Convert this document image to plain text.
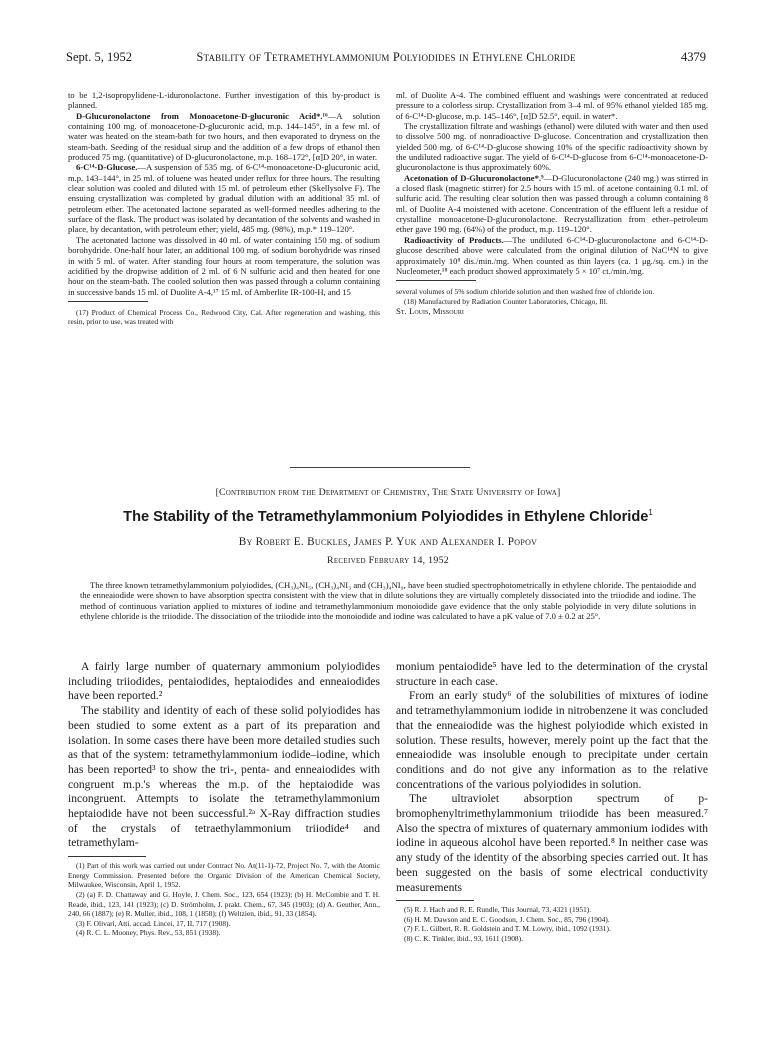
Sept. 5, 1952	Stability of Tetramethylammonium Polyiodides in Ethylene Chloride	4379

to be 1,2-isopropylidene-L-iduronolactone. Further investigation of this by-product is planned.

D-Glucuronolactone from Monoacetone-D-glucuronic Acid*.¹⁶—A solution containing 100 mg. of monoacetone-D-glucuronic acid, m.p. 144–145°, in a few ml. of water was heated on the steam-bath for two hours, and then evaporated to dryness on the steam-bath. Seeding of the residual sirup and the addition of a few drops of ethanol then produced 75 mg. (quantitative) of D-glucuronolactone, m.p. 168–172°, [α]D 20°, in water.

6-C¹⁴-D-Glucose.—A suspension of 535 mg. of 6-C¹⁴-monoacetone-D-glucuronic acid, m.p. 143–144°, in 25 ml. of toluene was heated under reflux for three hours. The resulting clear solution was cooled and diluted with 15 ml. of petroleum ether (Skellysolve F). The ensuing crystallization was completed by gradual dilution with an additional 35 ml. of petroleum ether. The acetonated lactone separated as well-formed needles adhering to the surface of the flask. The product was isolated by decantation of the solvents and washed in place, by decantation, with petroleum ether; yield, 485 mg. (98%), m.p.* 119–120°.

The acetonated lactone was dissolved in 40 ml. of water containing 150 mg. of sodium borohydride. One-half hour later, an additional 100 mg. of sodium borohydride was rinsed in with 5 ml. of water. After standing four hours at room temperature, the solution was acidified by the dropwise addition of 2 ml. of 6 N sulfuric acid and then heated for one hour on the steam-bath. The cooled solution then was passed through a column containing in successive bands 15 ml. of Duolite A-4,¹⁷ 15 ml. of Amberlite IR-100-H, and 15

(17) Product of Chemical Process Co., Redwood City, Cal. After regeneration and washing, this resin, prior to use, was treated with

ml. of Duolite A-4. The combined effluent and washings were concentrated at reduced pressure to a colorless sirup. Crystallization from 3–4 ml. of 95% ethanol yielded 185 mg. of 6-C¹⁴-D-glucose, m.p. 145–146°, [α]D 52.5°, equil. in water*.

The crystallization filtrate and washings (ethanol) were diluted with water and then used to dissolve 500 mg. of nonradioactive D-glucose. Concentration and crystallization then yielded 500 mg. of 6-C¹⁴-D-glucose showing 10% of the specific radioactivity shown by the undiluted radioactive sugar. The yield of 6-C¹⁴-D-glucose from 6-C¹⁴-monoacetone-D-glucuronolactone is thus approximately 60%.

Acetonation of D-Glucuronolactone*.⁹—D-Glucuronolactone (240 mg.) was stirred in a closed flask (magnetic stirrer) for 2.5 hours with 15 ml. of acetone containing 0.1 ml. of sulfuric acid. The resulting clear solution then was passed through a column containing 8 ml. of Duolite A-4 moistened with acetone. Concentration of the effluent left a residue of crystalline monoacetone-D-glucuronolactone. Recrystallization from ether–petroleum ether gave 190 mg. (64%) of the product, m.p. 119–120°.

Radioactivity of Products.—The undiluted 6-C¹⁴-D-glucuronolactone and 6-C¹⁴-D-glucose described above were calculated from the original dilution of NaC¹⁴N to give approximately 10⁸ dis./min./mg. When counted as thin layers (ca. 1 μg./sq. cm.) in the Nucleometer,¹⁸ each product showed approximately 5 × 10⁷ ct./min./mg.

several volumes of 5% sodium chloride solution and then washed free of chloride ion.

(18) Manufactured by Radiation Counter Laboratories, Chicago, Ill.

St. Louis, Missouri

[Contribution from the Department of Chemistry, The State University of Iowa]
The Stability of the Tetramethylammonium Polyiodides in Ethylene Chloride$^1$
By Robert E. Buckles, James P. Yuk and Alexander I. Popov
Received February 14, 1952

The three known tetramethylammonium polyiodides, (CH₃)₄NI₅, (CH₃)₄NI₃ and (CH₃)₄NI₉, have been studied spectrophotometrically in ethylene chloride. The pentaiodide and the enneaiodide were shown to have absorption spectra consistent with the view that in dilute solutions they are virtually completely dissociated into the triiodide and iodine. The method of continuous variation applied to mixtures of iodine and tetramethylammonium monoiodide gave evidence that the only stable polyiodide in very dilute solutions in ethylene chloride is the triiodide. The dissociation of the triiodide into the monoiodide and iodine was calculated to have a pK value of 7.0 ± 0.2 at 25°.

A fairly large number of quaternary ammonium polyiodides including triiodides, pentaiodides, heptaiodides and enneaiodides have been reported.²

The stability and identity of each of these solid polyiodides has been studied to some extent as a part of its preparation and isolation. In some cases there have been more detailed studies such as that of the system: tetramethylammonium iodide–iodine, which has been reported³ to show the tri-, penta- and enneaiodides with congruent m.p.'s whereas the m.p. of the heptaiodide was incongruent. Attempts to isolate the tetramethylammonium heptaiodide have not been successful.²ᵃ X-Ray diffraction studies of the crystals of tetraethylammonium triiodide⁴ and tetramethylam-

(1) Part of this work was carried out under Contract No. At(11-1)-72, Project No. 7, with the Atomic Energy Commission. Presented before the Organic Division of the American Chemical Society, Milwaukee, Wisconsin, April 1, 1952.

(2) (a) F. D. Chattaway and G. Hoyle, J. Chem. Soc., 123, 654 (1923); (b) H. McCombie and T. H. Reade, ibid., 123, 141 (1923); (c) D. Strömholm, J. prakt. Chem., 67, 345 (1903); (d) A. Geuther, Ann., 240, 66 (1887); (e) R. Muller, ibid., 108, 1 (1858); (f) Weltzien, ibid., 91, 33 (1854).

(3) F. Olivari, Atti. accad. Lincei, 17, II, 717 (1908).

(4) R. C. L. Mooney, Phys. Rev., 53, 851 (1938).

monium pentaiodide⁵ have led to the determination of the crystal structure in each case.

From an early study⁶ of the solubilities of mixtures of iodine and tetramethylammonium iodide in nitrobenzene it was concluded that the enneaiodide was the highest polyiodide which existed in solution. These results, however, merely point up the fact that the enneaiodide was insoluble enough to precipitate under certain conditions and do not give any information as to the relative concentrations of the various polyiodides in solution.

The ultraviolet absorption spectrum of p-bromophenyltrimethylammonium triiodide has been measured.⁷ Also the spectra of mixtures of quaternary ammonium iodides with iodine in aqueous alcohol have been reported.⁸ In neither case was any study of the identity of the absorbing species carried out. It has been suggested on the basis of some electrical conductivity measurements

(5) R. J. Hach and R. E. Rundle, This Journal, 73, 4321 (1951).

(6) H. M. Dawson and E. C. Goodson, J. Chem. Soc., 85, 796 (1904).

(7) F. L. Gilbert, R. R. Goldstein and T. M. Lowry, ibid., 1092 (1931).

(8) C. K. Tinkler, ibid., 93, 1611 (1908).
